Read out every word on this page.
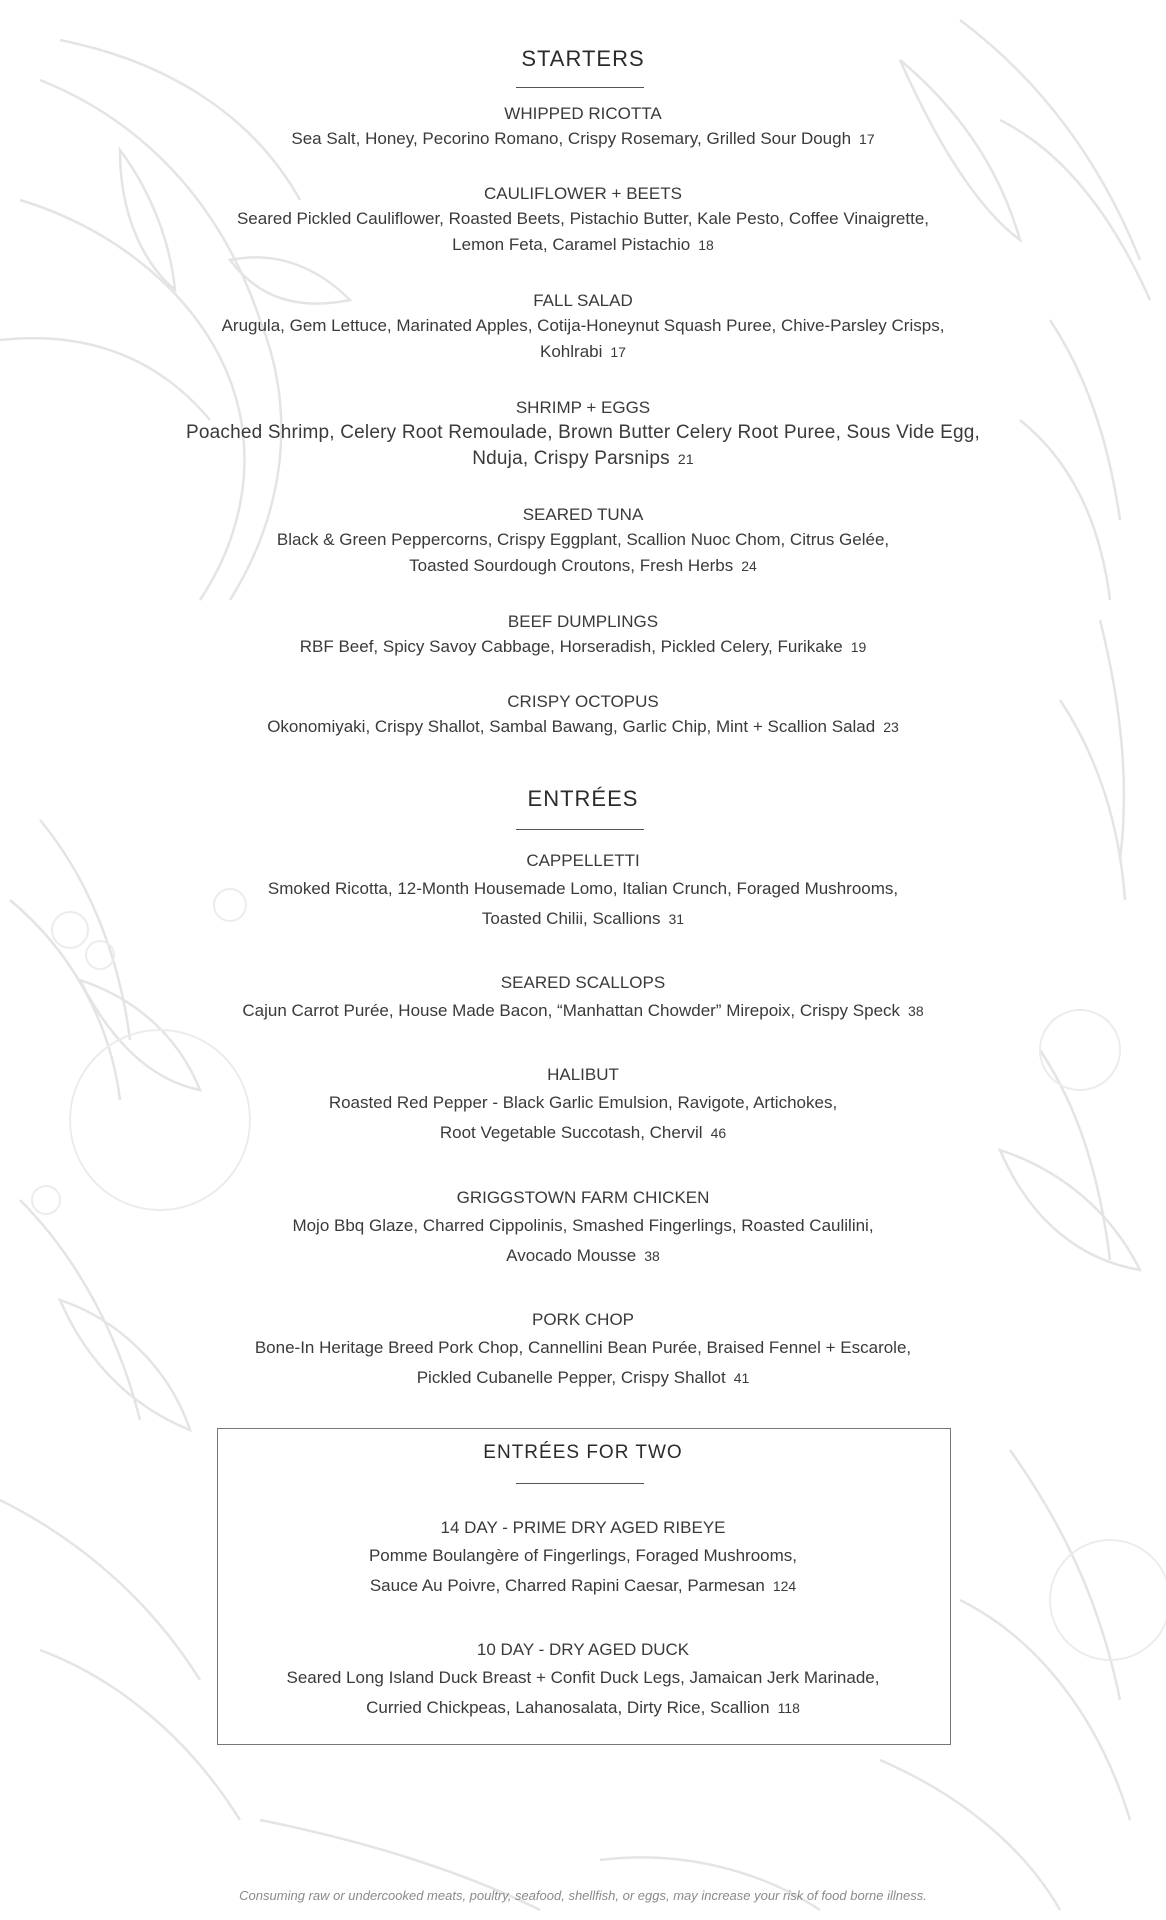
STARTERS
WHIPPED RICOTTA
Sea Salt, Honey, Pecorino Romano, Crispy Rosemary, Grilled Sour Dough 17
CAULIFLOWER + BEETS
Seared Pickled Cauliflower, Roasted Beets, Pistachio Butter, Kale Pesto, Coffee Vinaigrette,
Lemon Feta, Caramel Pistachio 18
FALL SALAD
Arugula, Gem Lettuce, Marinated Apples, Cotija-Honeynut Squash Puree, Chive-Parsley Crisps,
Kohlrabi 17
SHRIMP + EGGS
Poached Shrimp, Celery Root Remoulade, Brown Butter Celery Root Puree, Sous Vide Egg,
Nduja, Crispy Parsnips 21
SEARED TUNA
Black & Green Peppercorns, Crispy Eggplant, Scallion Nuoc Chom, Citrus Gelée,
Toasted Sourdough Croutons, Fresh Herbs 24
BEEF DUMPLINGS
RBF Beef, Spicy Savoy Cabbage, Horseradish, Pickled Celery, Furikake 19
CRISPY OCTOPUS
Okonomiyaki, Crispy Shallot, Sambal Bawang, Garlic Chip, Mint + Scallion Salad 23
ENTRÉES
CAPPELLETTI
Smoked Ricotta, 12-Month Housemade Lomo, Italian Crunch, Foraged Mushrooms,
Toasted Chilii, Scallions 31
SEARED SCALLOPS
Cajun Carrot Purée, House Made Bacon, “Manhattan Chowder” Mirepoix, Crispy Speck 38
HALIBUT
Roasted Red Pepper - Black Garlic Emulsion, Ravigote, Artichokes,
Root Vegetable Succotash, Chervil 46
GRIGGSTOWN FARM CHICKEN
Mojo Bbq Glaze, Charred Cippolinis, Smashed Fingerlings, Roasted Caulilini,
Avocado Mousse 38
PORK CHOP
Bone-In Heritage Breed Pork Chop, Cannellini Bean Purée, Braised Fennel + Escarole,
Pickled Cubanelle Pepper, Crispy Shallot 41
ENTRÉES FOR TWO
14 DAY - PRIME DRY AGED RIBEYE
Pomme Boulangère of Fingerlings, Foraged Mushrooms,
Sauce Au Poivre, Charred Rapini Caesar, Parmesan 124
10 DAY - DRY AGED DUCK
Seared Long Island Duck Breast + Confit Duck Legs, Jamaican Jerk Marinade,
Curried Chickpeas, Lahanosalata, Dirty Rice, Scallion 118
Consuming raw or undercooked meats, poultry, seafood, shellfish, or eggs, may increase your risk of food borne illness.
